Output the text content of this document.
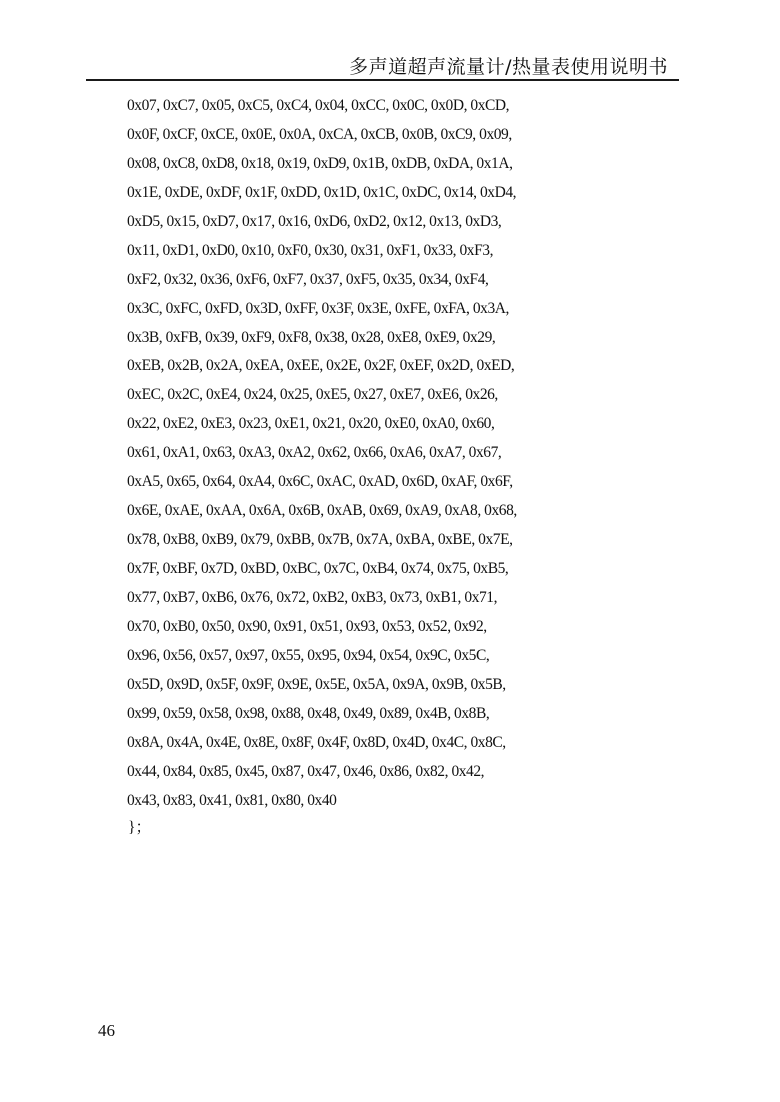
多声道超声流量计/热量表使用说明书
0x07, 0xC7, 0x05, 0xC5, 0xC4, 0x04, 0xCC, 0x0C, 0x0D, 0xCD,
0x0F, 0xCF, 0xCE, 0x0E, 0x0A, 0xCA, 0xCB, 0x0B, 0xC9, 0x09,
0x08, 0xC8, 0xD8, 0x18, 0x19, 0xD9, 0x1B, 0xDB, 0xDA, 0x1A,
0x1E, 0xDE, 0xDF, 0x1F, 0xDD, 0x1D, 0x1C, 0xDC, 0x14, 0xD4,
0xD5, 0x15, 0xD7, 0x17, 0x16, 0xD6, 0xD2, 0x12, 0x13, 0xD3,
0x11, 0xD1, 0xD0, 0x10, 0xF0, 0x30, 0x31, 0xF1, 0x33, 0xF3,
0xF2, 0x32, 0x36, 0xF6, 0xF7, 0x37, 0xF5, 0x35, 0x34, 0xF4,
0x3C, 0xFC, 0xFD, 0x3D, 0xFF, 0x3F, 0x3E, 0xFE, 0xFA, 0x3A,
0x3B, 0xFB, 0x39, 0xF9, 0xF8, 0x38, 0x28, 0xE8, 0xE9, 0x29,
0xEB, 0x2B, 0x2A, 0xEA, 0xEE, 0x2E, 0x2F, 0xEF, 0x2D, 0xED,
0xEC, 0x2C, 0xE4, 0x24, 0x25, 0xE5, 0x27, 0xE7, 0xE6, 0x26,
0x22, 0xE2, 0xE3, 0x23, 0xE1, 0x21, 0x20, 0xE0, 0xA0, 0x60,
0x61, 0xA1, 0x63, 0xA3, 0xA2, 0x62, 0x66, 0xA6, 0xA7, 0x67,
0xA5, 0x65, 0x64, 0xA4, 0x6C, 0xAC, 0xAD, 0x6D, 0xAF, 0x6F,
0x6E, 0xAE, 0xAA, 0x6A, 0x6B, 0xAB, 0x69, 0xA9, 0xA8, 0x68,
0x78, 0xB8, 0xB9, 0x79, 0xBB, 0x7B, 0x7A, 0xBA, 0xBE, 0x7E,
0x7F, 0xBF, 0x7D, 0xBD, 0xBC, 0x7C, 0xB4, 0x74, 0x75, 0xB5,
0x77, 0xB7, 0xB6, 0x76, 0x72, 0xB2, 0xB3, 0x73, 0xB1, 0x71,
0x70, 0xB0, 0x50, 0x90, 0x91, 0x51, 0x93, 0x53, 0x52, 0x92,
0x96, 0x56, 0x57, 0x97, 0x55, 0x95, 0x94, 0x54, 0x9C, 0x5C,
0x5D, 0x9D, 0x5F, 0x9F, 0x9E, 0x5E, 0x5A, 0x9A, 0x9B, 0x5B,
0x99, 0x59, 0x58, 0x98, 0x88, 0x48, 0x49, 0x89, 0x4B, 0x8B,
0x8A, 0x4A, 0x4E, 0x8E, 0x8F, 0x4F, 0x8D, 0x4D, 0x4C, 0x8C,
0x44, 0x84, 0x85, 0x45, 0x87, 0x47, 0x46, 0x86, 0x82, 0x42,
0x43, 0x83, 0x41, 0x81, 0x80, 0x40
}；
46
